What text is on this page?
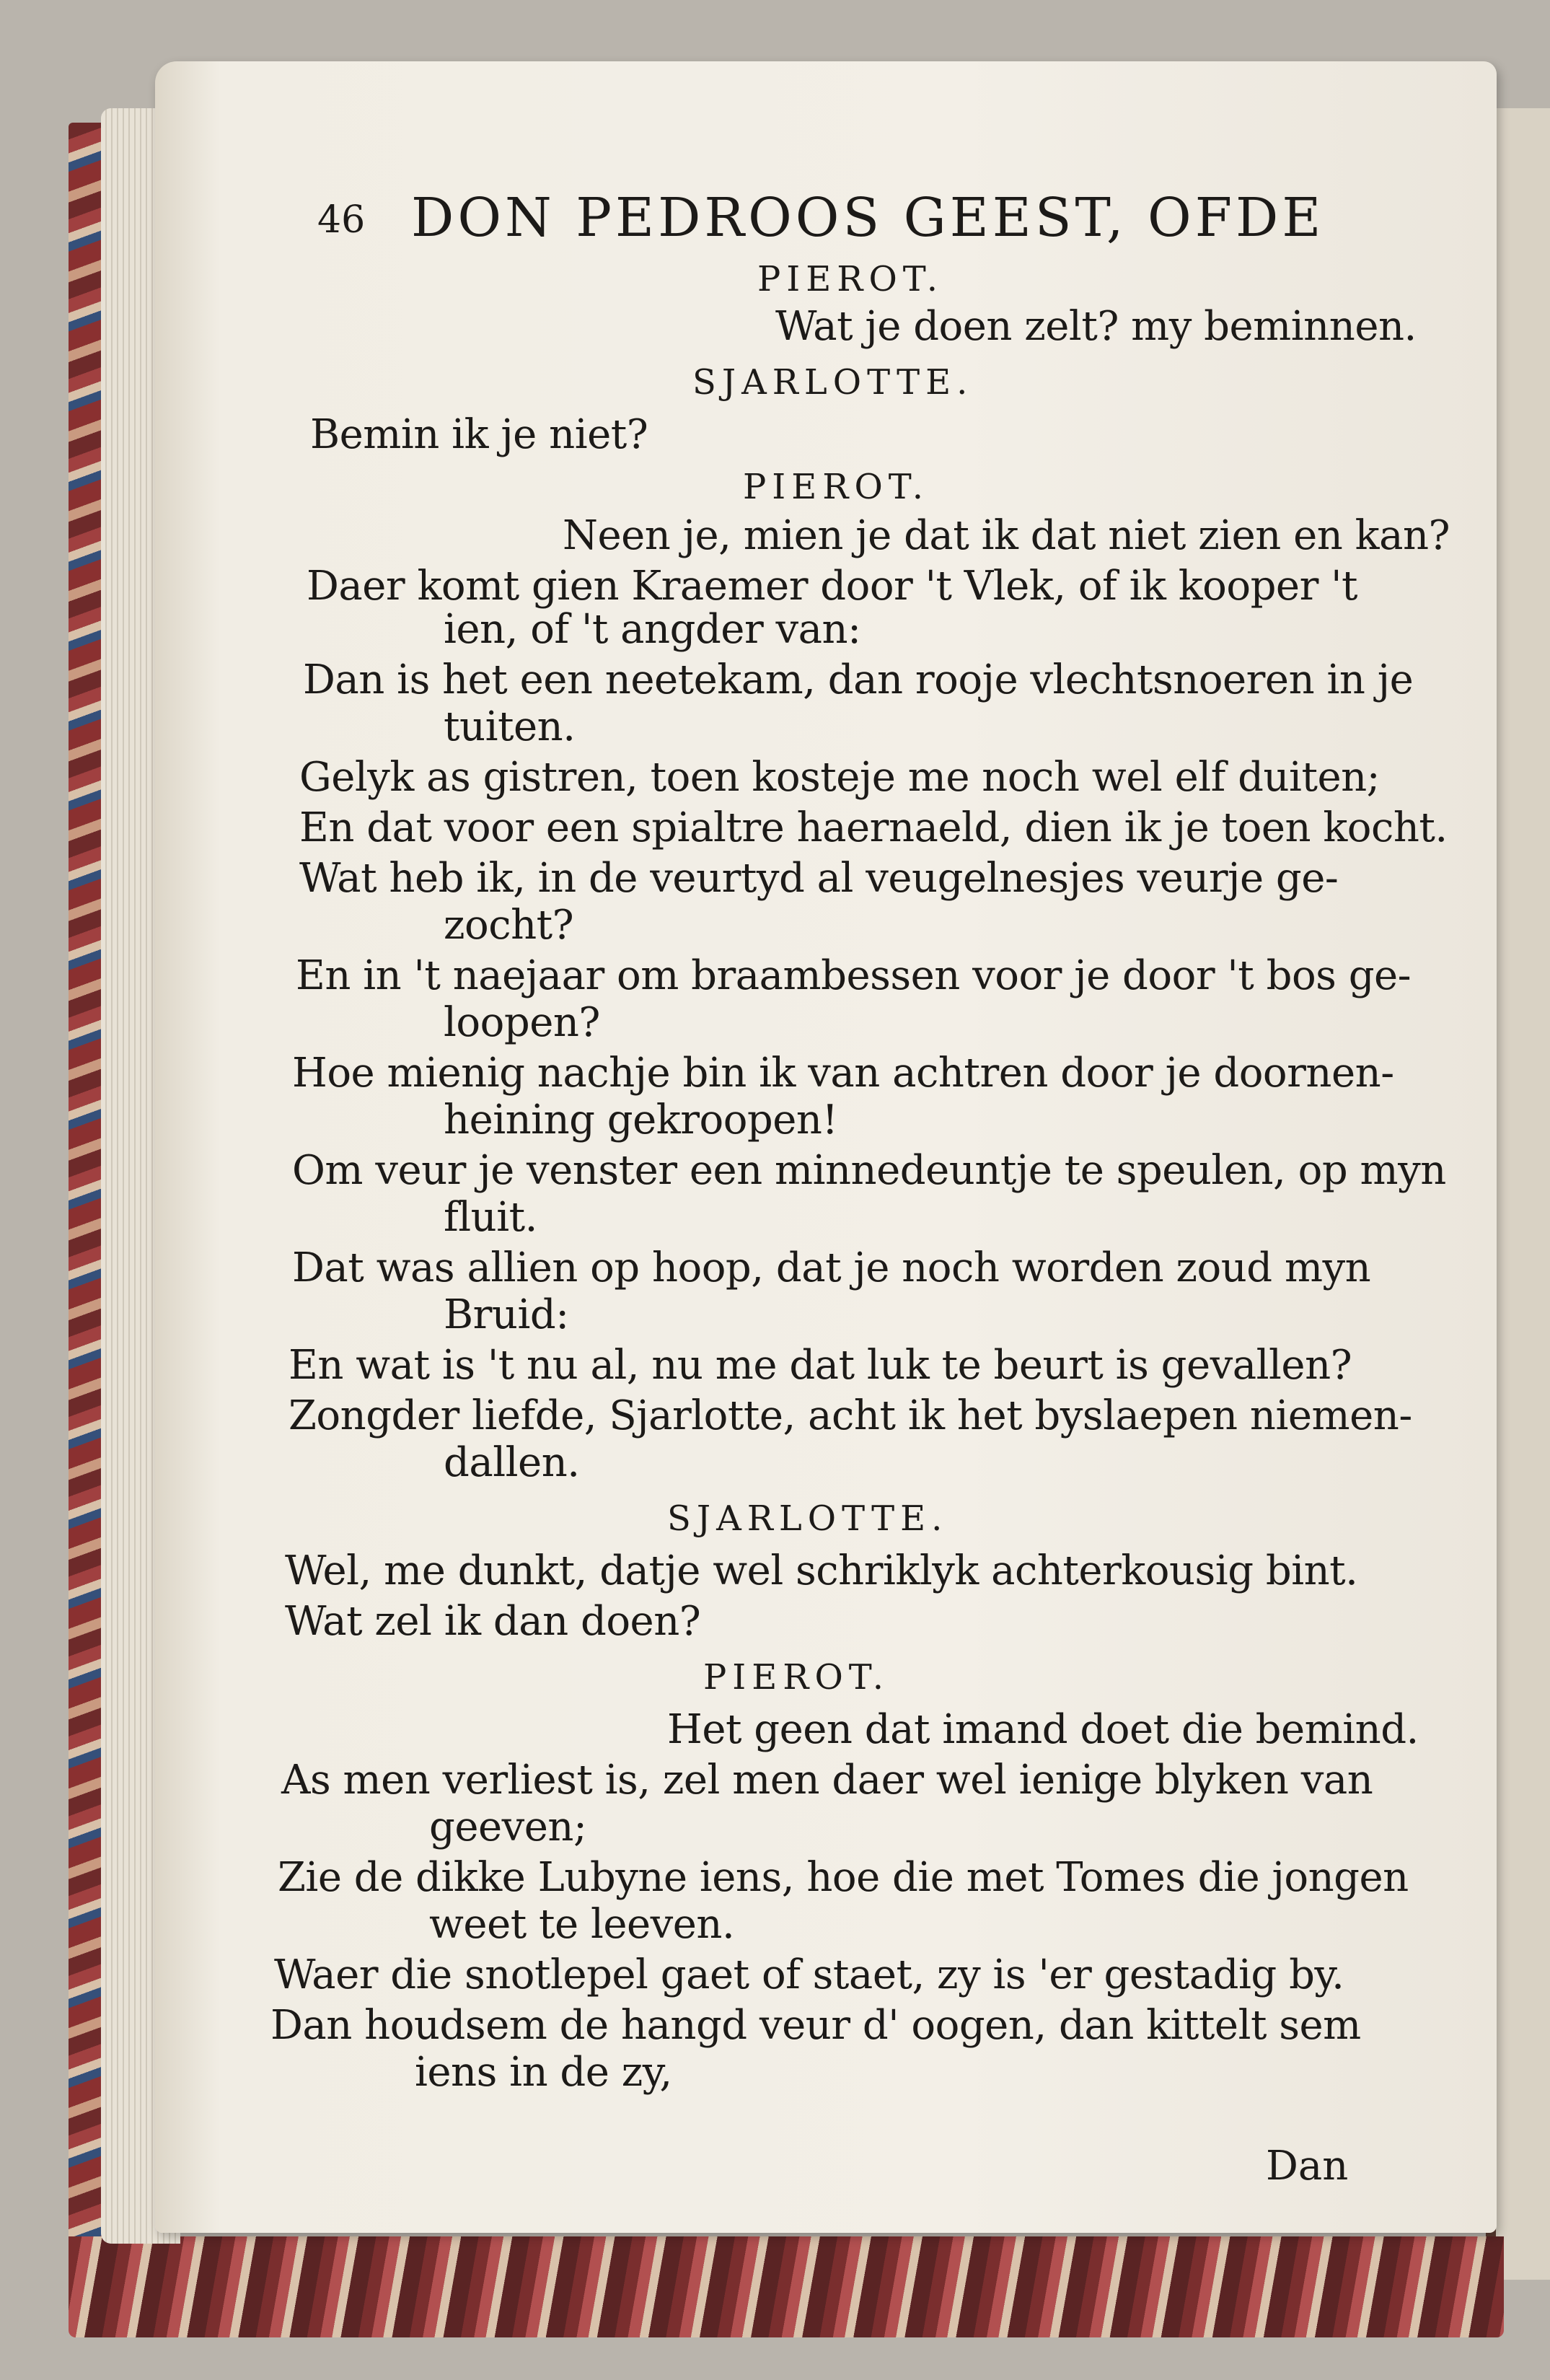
46 DON PEDROOS GEEST, OFDE
PIEROT.
Wat je doen zelt? my beminnen.
SJARLOTTE.
Bemin ik je niet?
PIEROT.
Neen je, mien je dat ik dat niet zien en kan?
Daer komt gien Kraemer door 't Vlek, of ik kooper 't
ien, of 't angder van:
Dan is het een neetekam, dan rooje vlechtsnoeren in je
tuiten.
Gelyk as gistren, toen kosteje me noch wel elf duiten;
En dat voor een spialtre haernaeld, dien ik je toen kocht.
Wat heb ik, in de veurtyd al veugelnesjes veurje ge-
zocht?
En in 't naejaar om braambessen voor je door 't bos ge-
loopen?
Hoe mienig nachje bin ik van achtren door je doornen-
heining gekroopen!
Om veur je venster een minnedeuntje te speulen, op myn
fluit.
Dat was allien op hoop, dat je noch worden zoud myn
Bruid:
En wat is 't nu al, nu me dat luk te beurt is gevallen?
Zongder liefde, Sjarlotte, acht ik het byslaepen niemen-
dallen.
SJARLOTTE.
Wel, me dunkt, datje wel schriklyk achterkousig bint.
Wat zel ik dan doen?
PIEROT.
Het geen dat imand doet die bemind.
As men verliest is, zel men daer wel ienige blyken van
geeven;
Zie de dikke Lubyne iens, hoe die met Tomes die jongen
weet te leeven.
Waer die snotlepel gaet of staet, zy is 'er gestadig by.
Dan houdsem de hangd veur d' oogen, dan kittelt sem
iens in de zy,
Dan
